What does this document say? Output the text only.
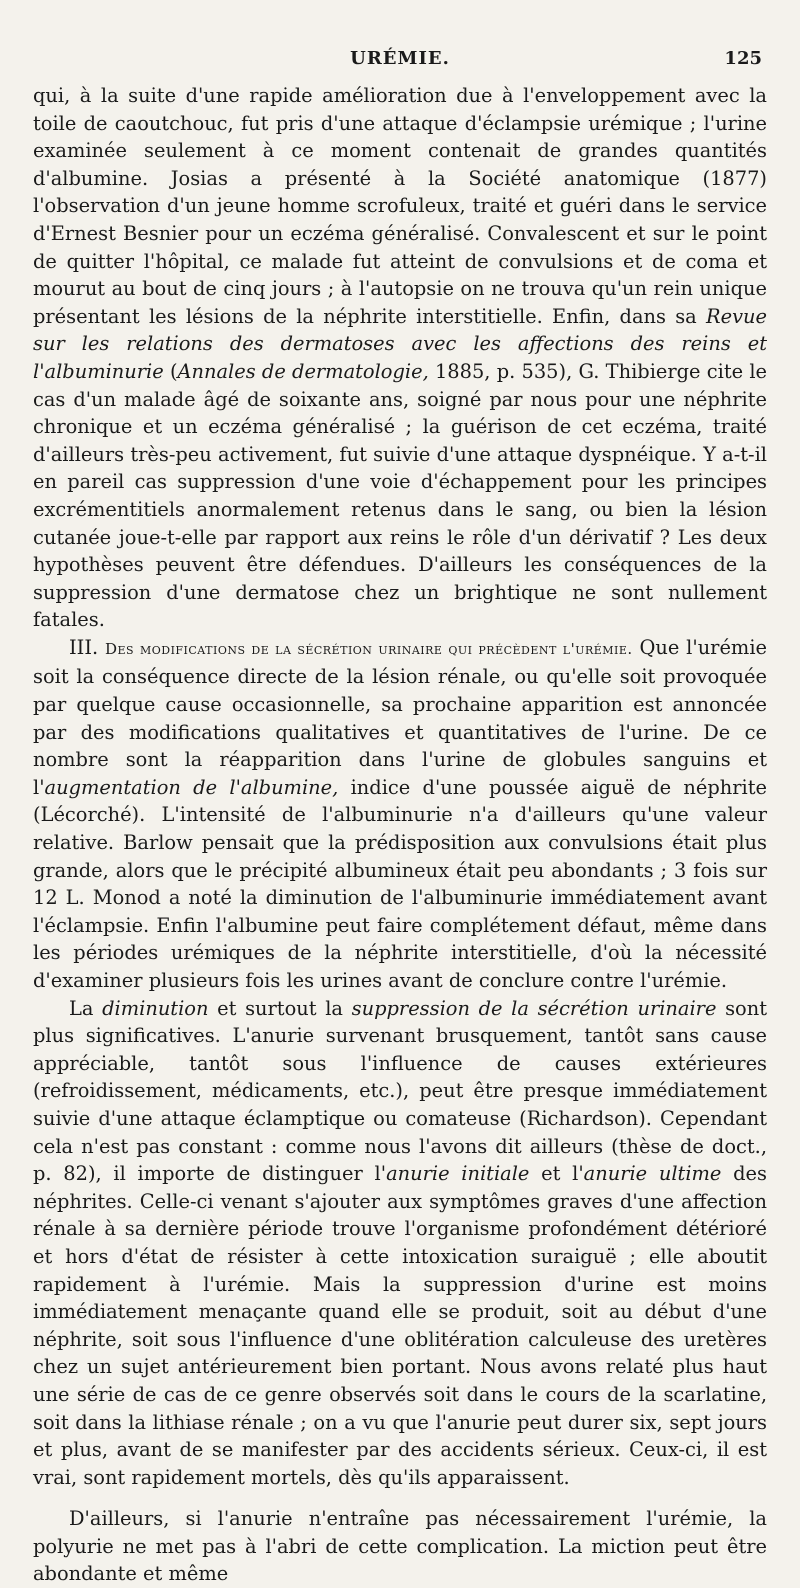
URÉMIE.	125

qui, à la suite d'une rapide amélioration due à l'enveloppement avec la toile de caoutchouc, fut pris d'une attaque d'éclampsie urémique ; l'urine examinée seulement à ce moment contenait de grandes quantités d'albumine. Josias a présenté à la Société anatomique (1877) l'observation d'un jeune homme scrofuleux, traité et guéri dans le service d'Ernest Besnier pour un eczéma généralisé. Convalescent et sur le point de quitter l'hôpital, ce malade fut atteint de convulsions et de coma et mourut au bout de cinq jours ; à l'autopsie on ne trouva qu'un rein unique présentant les lésions de la néphrite interstitielle. Enfin, dans sa Revue sur les relations des dermatoses avec les affections des reins et l'albuminurie (Annales de dermatologie, 1885, p. 535), G. Thibierge cite le cas d'un malade âgé de soixante ans, soigné par nous pour une néphrite chronique et un eczéma généralisé ; la guérison de cet eczéma, traité d'ailleurs très-peu activement, fut suivie d'une attaque dyspnéique. Y a-t-il en pareil cas suppression d'une voie d'échappement pour les principes excrémentitiels anormalement retenus dans le sang, ou bien la lésion cutanée joue-t-elle par rapport aux reins le rôle d'un dérivatif ? Les deux hypothèses peuvent être défendues. D'ailleurs les conséquences de la suppression d'une dermatose chez un brightique ne sont nullement fatales.

III. Des modifications de la sécrétion urinaire qui précèdent l'urémie. Que l'urémie soit la conséquence directe de la lésion rénale, ou qu'elle soit provoquée par quelque cause occasionnelle, sa prochaine apparition est annoncée par des modifications qualitatives et quantitatives de l'urine. De ce nombre sont la réapparition dans l'urine de globules sanguins et l'augmentation de l'albumine, indice d'une poussée aiguë de néphrite (Lécorché). L'intensité de l'albuminurie n'a d'ailleurs qu'une valeur relative. Barlow pensait que la prédisposition aux convulsions était plus grande, alors que le précipité albumineux était peu abondants ; 3 fois sur 12 L. Monod a noté la diminution de l'albuminurie immédiatement avant l'éclampsie. Enfin l'albumine peut faire complétement défaut, même dans les périodes urémiques de la néphrite interstitielle, d'où la nécessité d'examiner plusieurs fois les urines avant de conclure contre l'urémie.

La diminution et surtout la suppression de la sécrétion urinaire sont plus significatives. L'anurie survenant brusquement, tantôt sans cause appréciable, tantôt sous l'influence de causes extérieures (refroidissement, médicaments, etc.), peut être presque immédiatement suivie d'une attaque éclamptique ou comateuse (Richardson). Cependant cela n'est pas constant : comme nous l'avons dit ailleurs (thèse de doct., p. 82), il importe de distinguer l'anurie initiale et l'anurie ultime des néphrites. Celle-ci venant s'ajouter aux symptômes graves d'une affection rénale à sa dernière période trouve l'organisme profondément détérioré et hors d'état de résister à cette intoxication suraiguë ; elle aboutit rapidement à l'urémie. Mais la suppression d'urine est moins immédiatement menaçante quand elle se produit, soit au début d'une néphrite, soit sous l'influence d'une oblitération calculeuse des uretères chez un sujet antérieurement bien portant. Nous avons relaté plus haut une série de cas de ce genre observés soit dans le cours de la scarlatine, soit dans la lithiase rénale ; on a vu que l'anurie peut durer six, sept jours et plus, avant de se manifester par des accidents sérieux. Ceux-ci, il est vrai, sont rapidement mortels, dès qu'ils apparaissent.

D'ailleurs, si l'anurie n'entraîne pas nécessairement l'urémie, la polyurie ne met pas à l'abri de cette complication. La miction peut être abondante et même
